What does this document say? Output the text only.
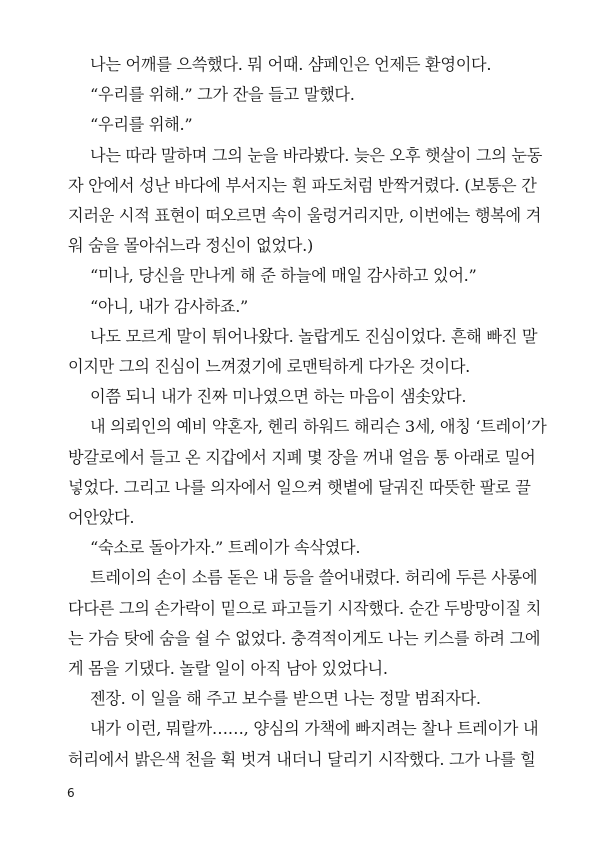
나는 어깨를 으쓱했다. 뭐 어때. 샴페인은 언제든 환영이다.

“우리를 위해.” 그가 잔을 들고 말했다.

“우리를 위해.”

나는 따라 말하며 그의 눈을 바라봤다. 늦은 오후 햇살이 그의 눈동
자 안에서 성난 바다에 부서지는 흰 파도처럼 반짝거렸다. (보통은 간
지러운 시적 표현이 떠오르면 속이 울렁거리지만, 이번에는 행복에 겨
워 숨을 몰아쉬느라 정신이 없었다.)

“미나, 당신을 만나게 해 준 하늘에 매일 감사하고 있어.”

“아니, 내가 감사하죠.”

나도 모르게 말이 튀어나왔다. 놀랍게도 진심이었다. 흔해 빠진 말
이지만 그의 진심이 느껴졌기에 로맨틱하게 다가온 것이다.

이쯤 되니 내가 진짜 미나였으면 하는 마음이 샘솟았다.

내 의뢰인의 예비 약혼자, 헨리 하워드 해리슨 3세, 애칭 ‘트레이’가
방갈로에서 들고 온 지갑에서 지폐 몇 장을 꺼내 얼음 통 아래로 밀어
넣었다. 그리고 나를 의자에서 일으켜 햇볕에 달궈진 따뜻한 팔로 끌
어안았다.

“숙소로 돌아가자.” 트레이가 속삭였다.

트레이의 손이 소름 돋은 내 등을 쓸어내렸다. 허리에 두른 사롱에
다다른 그의 손가락이 밑으로 파고들기 시작했다. 순간 두방망이질 치
는 가슴 탓에 숨을 쉴 수 없었다. 충격적이게도 나는 키스를 하려 그에
게 몸을 기댔다. 놀랄 일이 아직 남아 있었다니.

젠장. 이 일을 해 주고 보수를 받으면 나는 정말 범죄자다.

내가 이런, 뭐랄까……, 양심의 가책에 빠지려는 찰나 트레이가 내
허리에서 밝은색 천을 휙 벗겨 내더니 달리기 시작했다. 그가 나를 힐

6
